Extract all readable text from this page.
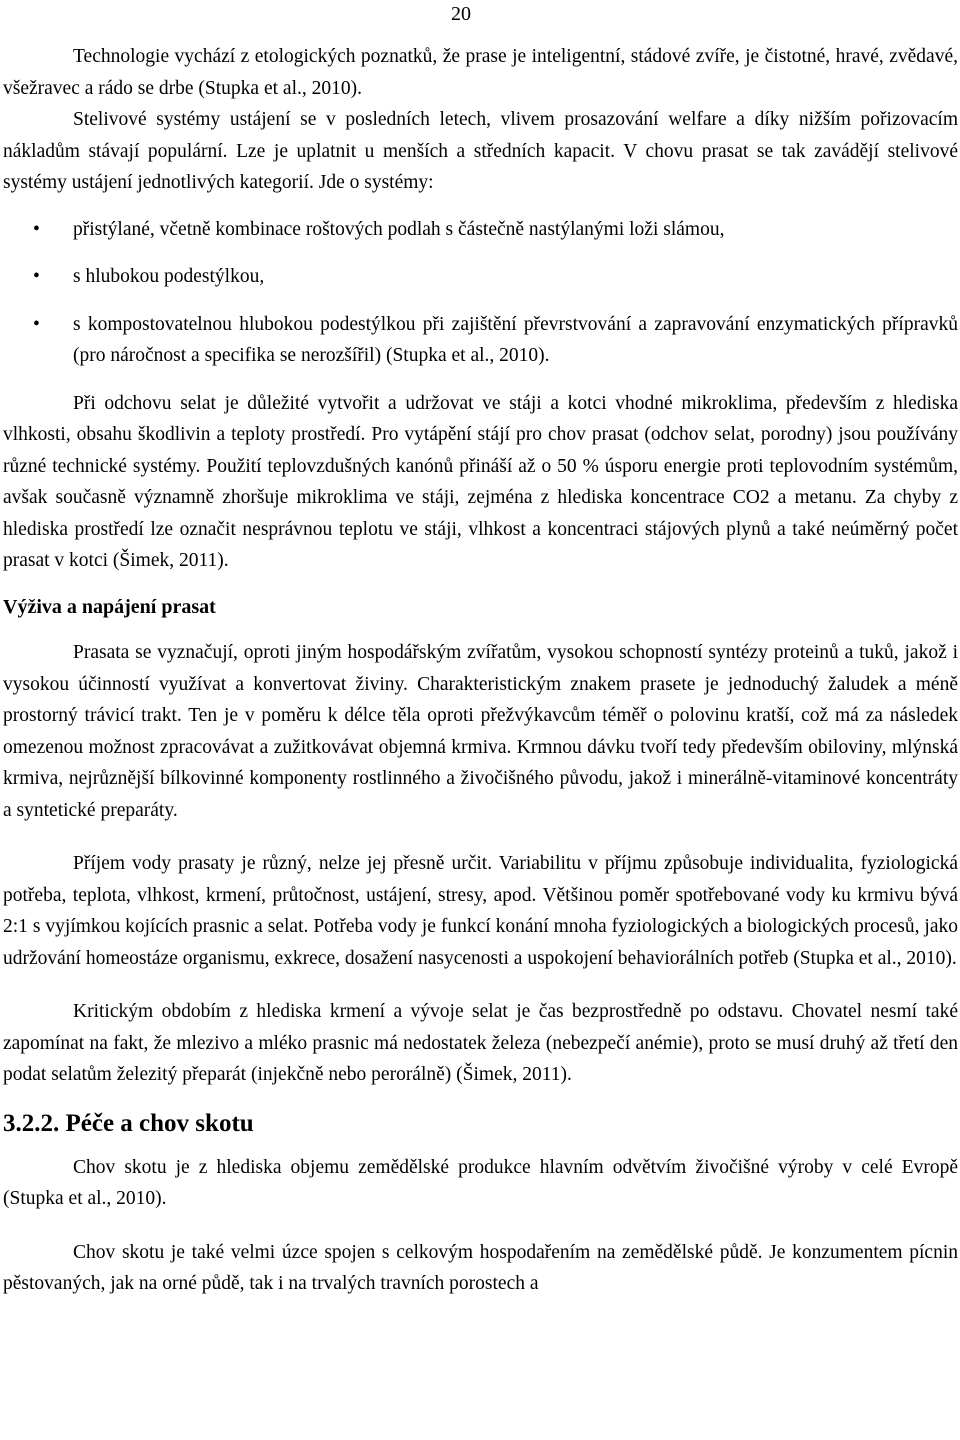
20

Technologie vychází z etologických poznatků, že prase je inteligentní, stádové zvíře, je čistotné, hravé, zvědavé, všežravec a rádo se drbe (Stupka et al., 2010).

Stelivové systémy ustájení se v posledních letech, vlivem prosazování welfare a díky nižším pořizovacím nákladům stávají populární. Lze je uplatnit u menších a středních kapacit. V chovu prasat se tak zavádějí stelivové systémy ustájení jednotlivých kategorií. Jde o systémy:

• přistýlané, včetně kombinace roštových podlah s částečně nastýlanými loži slámou,
• s hlubokou podestýlkou,
• s kompostovatelnou hlubokou podestýlkou při zajištění převrstvování a zapravování enzymatických přípravků (pro náročnost a specifika se nerozšířil) (Stupka et al., 2010).

Při odchovu selat je důležité vytvořit a udržovat ve stáji a kotci vhodné mikroklima, především z hlediska vlhkosti, obsahu škodlivin a teploty prostředí. Pro vytápění stájí pro chov prasat (odchov selat, porodny) jsou používány různé technické systémy. Použití teplovzdušných kanónů přináší až o 50 % úsporu energie proti teplovodním systémům, avšak současně významně zhoršuje mikroklima ve stáji, zejména z hlediska koncentrace CO2 a metanu. Za chyby z hlediska prostředí lze označit nesprávnou teplotu ve stáji, vlhkost a koncentraci stájových plynů a také neúměrný počet prasat v kotci (Šimek, 2011).

Výživa a napájení prasat

Prasata se vyznačují, oproti jiným hospodářským zvířatům, vysokou schopností syntézy proteinů a tuků, jakož i vysokou účinností využívat a konvertovat živiny. Charakteristickým znakem prasete je jednoduchý žaludek a méně prostorný trávicí trakt. Ten je v poměru k délce těla oproti přežvýkavcům téměř o polovinu kratší, což má za následek omezenou možnost zpracovávat a zužitkovávat objemná krmiva. Krmnou dávku tvoří tedy především obiloviny, mlýnská krmiva, nejrůznější bílkovinné komponenty rostlinného a živočišného původu, jakož i minerálně-vitaminové koncentráty a syntetické preparáty.

Příjem vody prasaty je různý, nelze jej přesně určit. Variabilitu v příjmu způsobuje individualita, fyziologická potřeba, teplota, vlhkost, krmení, průtočnost, ustájení, stresy, apod. Většinou poměr spotřebované vody ku krmivu bývá 2:1 s vyjímkou kojících prasnic a selat. Potřeba vody je funkcí konání mnoha fyziologických a biologických procesů, jako udržování homeostáze organismu, exkrece, dosažení nasycenosti a uspokojení behaviorálních potřeb (Stupka et al., 2010).

Kritickým obdobím z hlediska krmení a vývoje selat je čas bezprostředně po odstavu. Chovatel nesmí také zapomínat na fakt, že mlezivo a mléko prasnic má nedostatek železa (nebezpečí anémie), proto se musí druhý až třetí den podat selatům železitý přeparát (injekčně nebo perorálně) (Šimek, 2011).

3.2.2. Péče a chov skotu

Chov skotu je z hlediska objemu zemědělské produkce hlavním odvětvím živočišné výroby v celé Evropě (Stupka et al., 2010).

Chov skotu je také velmi úzce spojen s celkovým hospodařením na zemědělské půdě. Je konzumentem pícnin pěstovaných, jak na orné půdě, tak i na trvalých travních porostech a
